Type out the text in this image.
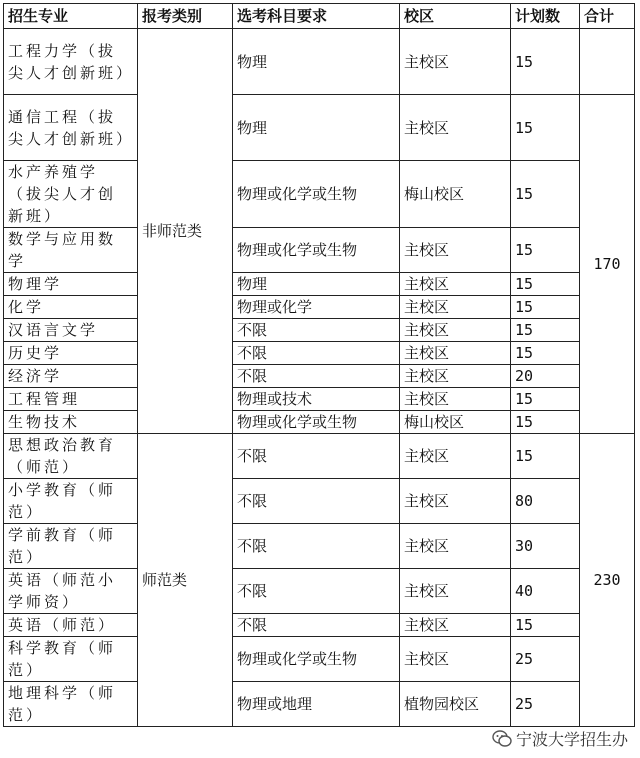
招生专业	报考类别	选考科目要求	校区	计划数	合计
工程力学（拔尖人才创新班）	非师范类	物理	主校区	15	
通信工程（拔尖人才创新班）		物理	主校区	15	170
水产养殖学（拔尖人才创新班）		物理或化学或生物	梅山校区	15	
数学与应用数学		物理或化学或生物	主校区	15	
物理学		物理	主校区	15	
化学		物理或化学	主校区	15	
汉语言文学		不限	主校区	15	
历史学		不限	主校区	15	
经济学		不限	主校区	20	
工程管理		物理或技术	主校区	15	
生物技术		物理或化学或生物	梅山校区	15	
思想政治教育（师范）	师范类	不限	主校区	15	230
小学教育（师范）		不限	主校区	80	
学前教育（师范）		不限	主校区	30	
英语（师范小学师资）		不限	主校区	40	
英语（师范）		不限	主校区	15	
科学教育（师范）		物理或化学或生物	主校区	25	
地理科学（师范）		物理或地理	植物园校区	25	
宁波大学招生办
